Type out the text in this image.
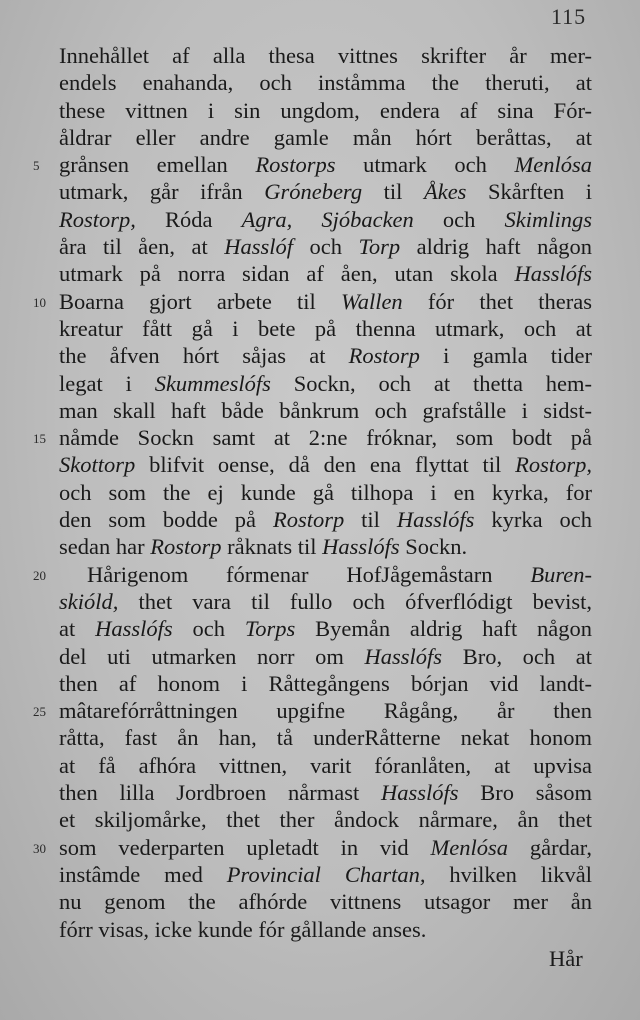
115
Innehållet af alla thesa vittnes skrifter år mer-
endels enahanda, och inståmma the theruti, at
these vittnen i sin ungdom, endera af sina Fór-
åldrar eller andre gamle mån hórt beråttas, at
5 grånsen emellan Rostorps utmark och Menlósa
utmark, går ifrån Gróneberg til Åkes Skårften i
Rostorp, Róda Agra, Sjóbacken och Skimlings
åra til åen, at Hasslóf och Torp aldrig haft någon
utmark på norra sidan af åen, utan skola Hasslófs
10 Boarna gjort arbete til Wallen fór thet theras
kreatur fått gå i bete på thenna utmark, och at
the åfven hórt såjas at Rostorp i gamla tider
legat i Skummeslófs Sockn, och at thetta hem-
man skall haft både bånkrum och grafstålle i sidst-
15 nåmde Sockn samt at 2:ne fróknar, som bodt på
Skottorp blifvit oense, då den ena flyttat til Rostorp,
och som the ej kunde gå tilhopa i en kyrka, for
den som bodde på Rostorp til Hasslófs kyrka och
sedan har Rostorp råknats til Hasslófs Sockn.
20 Hårigenom fórmenar HofJågemåstarn Buren-
skióld, thet vara til fullo och ófverflódigt bevist,
at Hasslófs och Torps Byemån aldrig haft någon
del uti utmarken norr om Hasslófs Bro, och at
then af honom i Råttegångens bórjan vid landt-
25 mâtarefórråttningen upgifne Rågång, år then
råtta, fast ån han, tå underRåtterne nekat honom
at få afhóra vittnen, varit fóranlåten, at upvisa
then lilla Jordbroen nårmast Hasslófs Bro såsom
et skiljomårke, thet ther åndock nårmare, ån thet
30 som vederparten upletadt in vid Menlósa gårdar,
instâmde med Provincial Chartan, hvilken likvål
nu genom the afhórde vittnens utsagor mer ån
fórr visas, icke kunde fór gållande anses.
Hår
